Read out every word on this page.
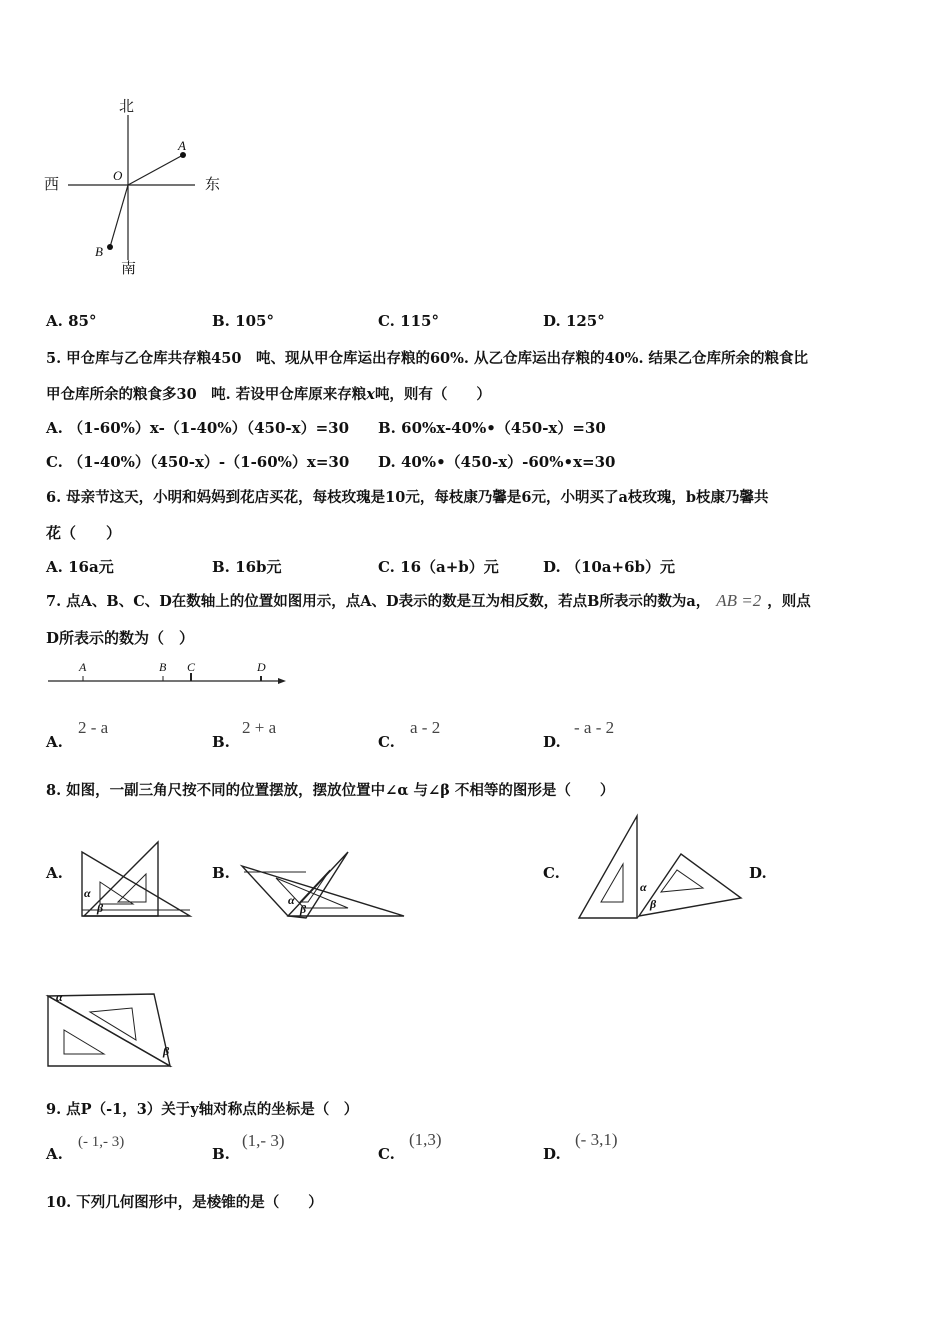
北
南
西	东
O
A
B
A. 85°	B. 105°	C. 115°	D. 125°
5. 甲仓库与乙仓库共存粮450　吨、现从甲仓库运出存粮的60%. 从乙仓库运出存粮的40%. 结果乙仓库所余的粮食比
甲仓库所余的粮食多30　吨. 若设甲仓库原来存粮x吨，则有（　　）
A. （1-60%）x-（1-40%）（450-x）=30 B. 60%x-40%•（450-x）=30
C. （1-40%）（450-x）-（1-60%）x=30 D. 40%•（450-x）-60%•x=30
6. 母亲节这天，小明和妈妈到花店买花，每枝玫瑰是10元，每枝康乃馨是6元，小明买了a枝玫瑰，b枝康乃馨共
花（　　）
A. 16a元	B. 16b元	C. 16（a+b）元	D. （10a+6b）元
7. 点A、B、C、D在数轴上的位置如图用示，点A、D表示的数是互为相反数，若点B所表示的数为a， AB =2 ，则点
D所表示的数为（　）
A	B C	D
A.
2 - a
B.
2 + a
C.
a - 2
D.
- a - 2
8. 如图，一副三角尺按不同的位置摆放，摆放位置中∠α 与∠β 不相等的图形是（　　）
A.
α
β
B.
α
β
C.
α
β
D.
α
β
9. 点P（-1，3）关于y轴对称点的坐标是（　）
A.
(- 1,- 3)
B.
(1,- 3)
C.
(1,3)
D.
(- 3,1)
10. 下列几何图形中，是棱锥的是（　　）
